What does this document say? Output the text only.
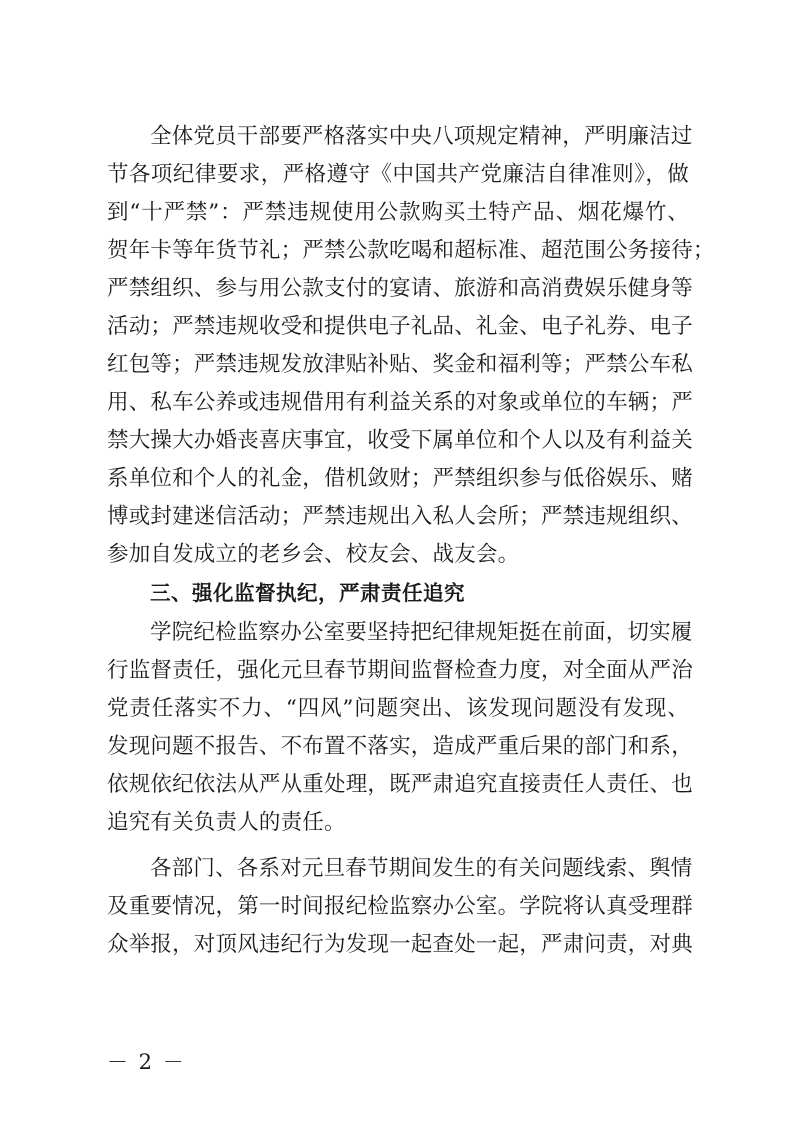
全体党员干部要严格落实中央八项规定精神，严明廉洁过
节各项纪律要求，严格遵守《中国共产党廉洁自律准则》，做
到“十严禁”：严禁违规使用公款购买土特产品、烟花爆竹、
贺年卡等年货节礼；严禁公款吃喝和超标准、超范围公务接待；
严禁组织、参与用公款支付的宴请、旅游和高消费娱乐健身等
活动；严禁违规收受和提供电子礼品、礼金、电子礼券、电子
红包等；严禁违规发放津贴补贴、奖金和福利等；严禁公车私
用、私车公养或违规借用有利益关系的对象或单位的车辆；严
禁大操大办婚丧喜庆事宜，收受下属单位和个人以及有利益关
系单位和个人的礼金，借机敛财；严禁组织参与低俗娱乐、赌
博或封建迷信活动；严禁违规出入私人会所；严禁违规组织、
参加自发成立的老乡会、校友会、战友会。
三、强化监督执纪，严肃责任追究
学院纪检监察办公室要坚持把纪律规矩挺在前面，切实履
行监督责任，强化元旦春节期间监督检查力度，对全面从严治
党责任落实不力、“四风”问题突出、该发现问题没有发现、
发现问题不报告、不布置不落实，造成严重后果的部门和系，
依规依纪依法从严从重处理，既严肃追究直接责任人责任、也
追究有关负责人的责任。
各部门、各系对元旦春节期间发生的有关问题线索、舆情
及重要情况，第一时间报纪检监察办公室。学院将认真受理群
众举报，对顶风违纪行为发现一起查处一起，严肃问责，对典
－ 2 －
